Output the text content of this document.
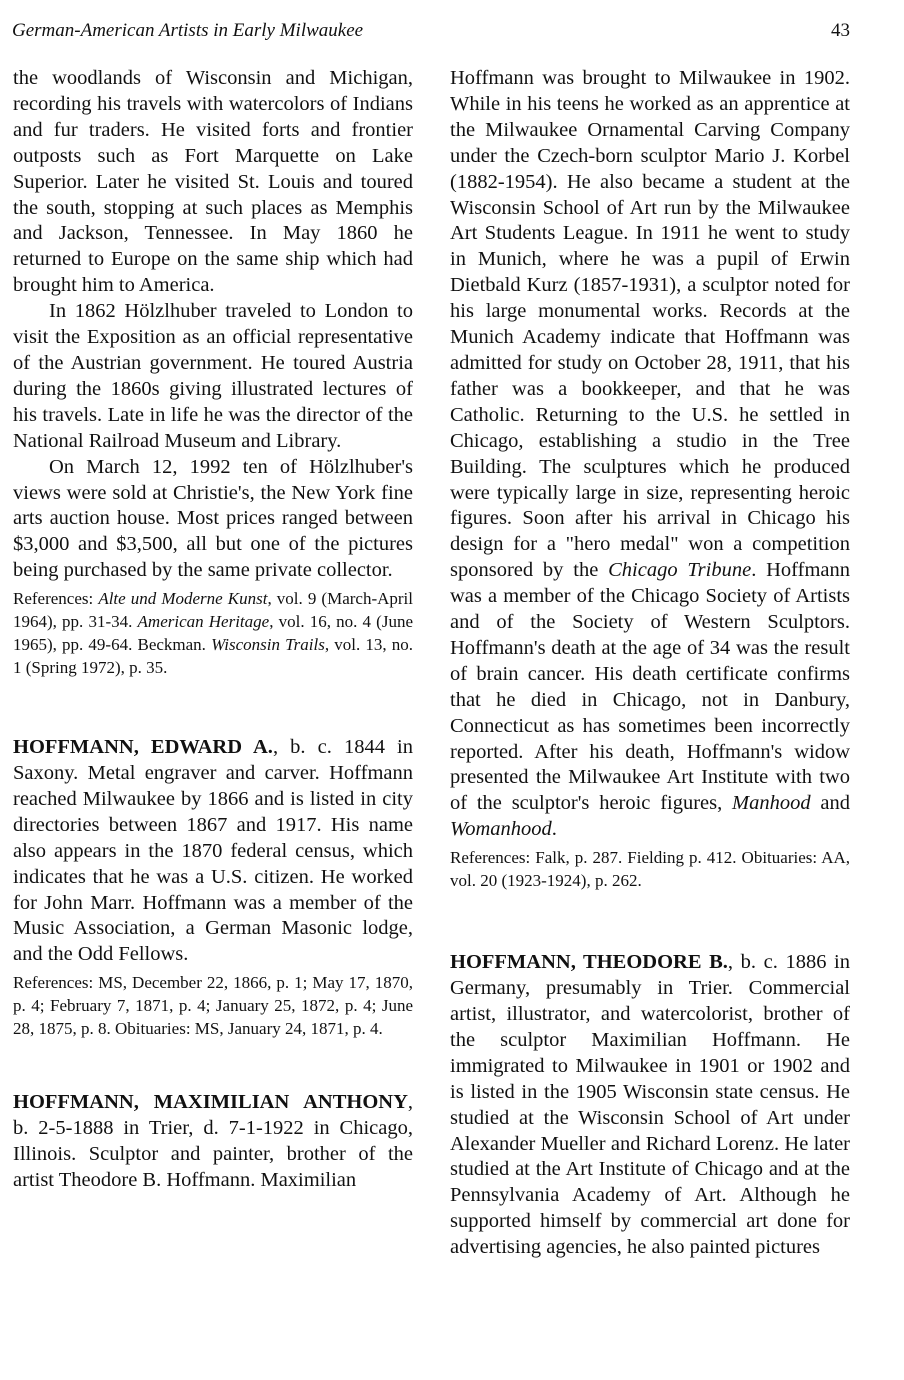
German-American Artists in Early Milwaukee	43

the woodlands of Wisconsin and Michigan, recording his travels with watercolors of Indians and fur traders. He visited forts and frontier outposts such as Fort Marquette on Lake Superior. Later he visited St. Louis and toured the south, stopping at such places as Memphis and Jackson, Tennessee. In May 1860 he returned to Europe on the same ship which had brought him to America.

In 1862 Hölzlhuber traveled to London to visit the Exposition as an official representative of the Austrian government. He toured Austria during the 1860s giving illustrated lectures of his travels. Late in life he was the director of the National Railroad Museum and Library.

On March 12, 1992 ten of Hölzlhuber's views were sold at Christie's, the New York fine arts auction house. Most prices ranged between $3,000 and $3,500, all but one of the pictures being purchased by the same private collector.

References: Alte und Moderne Kunst, vol. 9 (March-April 1964), pp. 31-34. American Heritage, vol. 16, no. 4 (June 1965), pp. 49-64. Beckman. Wisconsin Trails, vol. 13, no. 1 (Spring 1972), p. 35.

HOFFMANN, EDWARD A., b. c. 1844 in Saxony. Metal engraver and carver. Hoffmann reached Milwaukee by 1866 and is listed in city directories between 1867 and 1917. His name also appears in the 1870 federal census, which indicates that he was a U.S. citizen. He worked for John Marr. Hoffmann was a member of the Music Association, a German Masonic lodge, and the Odd Fellows.

References: MS, December 22, 1866, p. 1; May 17, 1870, p. 4; February 7, 1871, p. 4; January 25, 1872, p. 4; June 28, 1875, p. 8. Obituaries: MS, January 24, 1871, p. 4.

HOFFMANN, MAXIMILIAN ANTHONY, b. 2-5-1888 in Trier, d. 7-1-1922 in Chicago, Illinois. Sculptor and painter, brother of the artist Theodore B. Hoffmann. Maximilian

Hoffmann was brought to Milwaukee in 1902. While in his teens he worked as an apprentice at the Milwaukee Ornamental Carving Company under the Czech-born sculptor Mario J. Korbel (1882-1954). He also became a student at the Wisconsin School of Art run by the Milwaukee Art Students League. In 1911 he went to study in Munich, where he was a pupil of Erwin Dietbald Kurz (1857-1931), a sculptor noted for his large monumental works. Records at the Munich Academy indicate that Hoffmann was admitted for study on October 28, 1911, that his father was a bookkeeper, and that he was Catholic. Returning to the U.S. he settled in Chicago, establishing a studio in the Tree Building. The sculptures which he produced were typically large in size, representing heroic figures. Soon after his arrival in Chicago his design for a "hero medal" won a competition sponsored by the Chicago Tribune. Hoffmann was a member of the Chicago Society of Artists and of the Society of Western Sculptors. Hoffmann's death at the age of 34 was the result of brain cancer. His death certificate confirms that he died in Chicago, not in Danbury, Connecticut as has sometimes been incorrectly reported. After his death, Hoffmann's widow presented the Milwaukee Art Institute with two of the sculptor's heroic figures, Manhood and Womanhood.

References: Falk, p. 287. Fielding p. 412. Obituaries: AA, vol. 20 (1923-1924), p. 262.

HOFFMANN, THEODORE B., b. c. 1886 in Germany, presumably in Trier. Commercial artist, illustrator, and watercolorist, brother of the sculptor Maximilian Hoffmann. He immigrated to Milwaukee in 1901 or 1902 and is listed in the 1905 Wisconsin state census. He studied at the Wisconsin School of Art under Alexander Mueller and Richard Lorenz. He later studied at the Art Institute of Chicago and at the Pennsylvania Academy of Art. Although he supported himself by commercial art done for advertising agencies, he also painted pictures
